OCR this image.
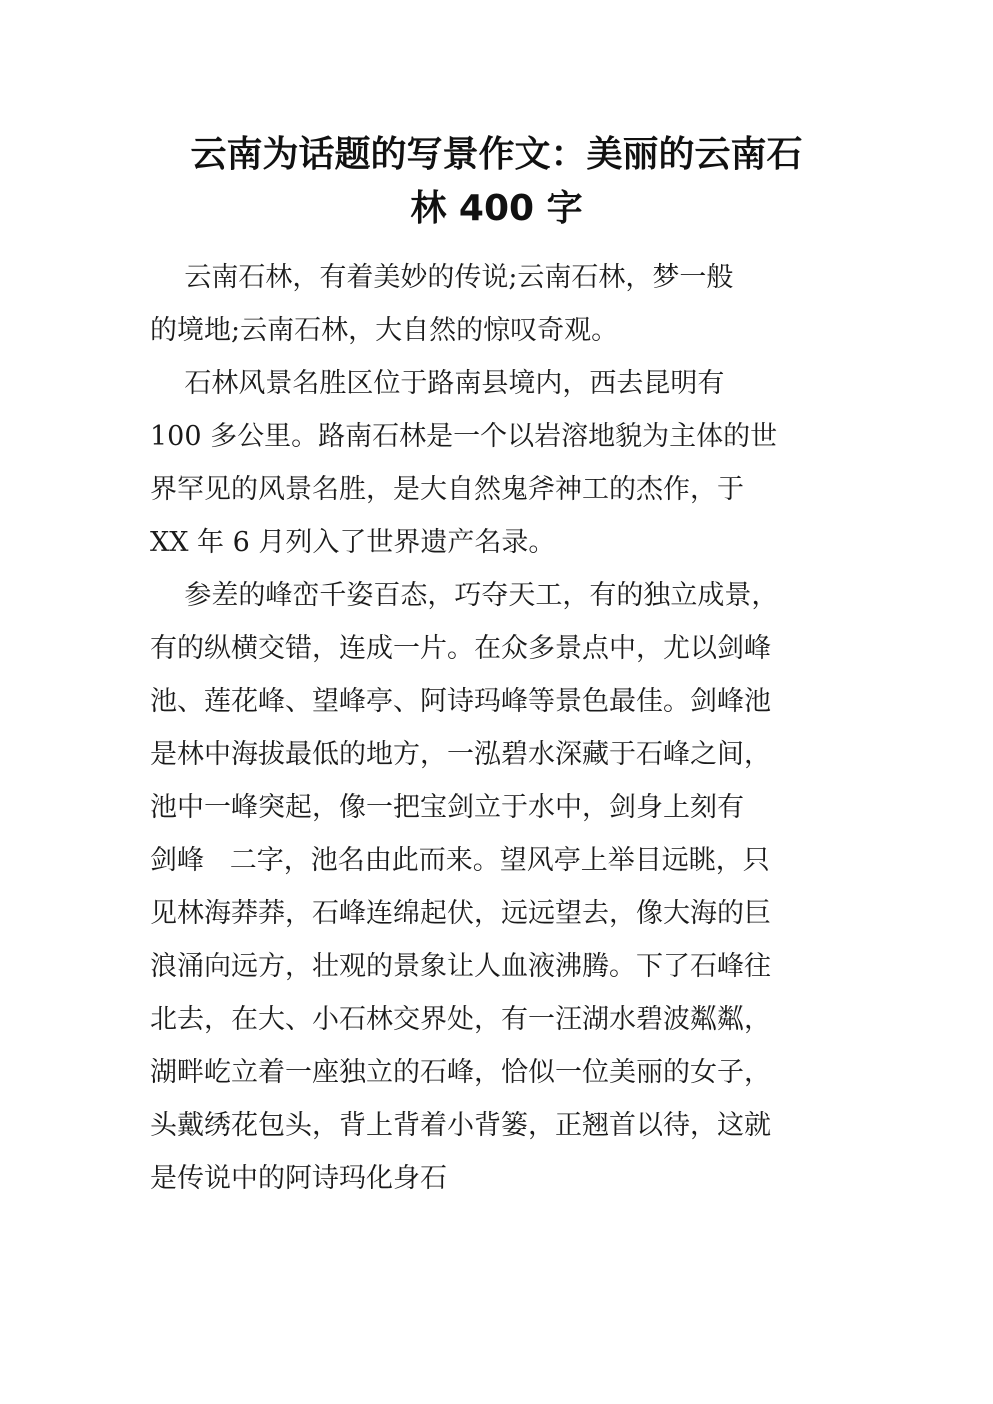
云南为话题的写景作文：美丽的云南石
林 400 字
云南石林，有着美妙的传说;云南石林，梦一般
的境地;云南石林，大自然的惊叹奇观。
石林风景名胜区位于路南县境内，西去昆明有
100 多公里。路南石林是一个以岩溶地貌为主体的世
界罕见的风景名胜，是大自然鬼斧神工的杰作，于
XX 年 6 月列入了世界遗产名录。
参差的峰峦千姿百态，巧夺天工，有的独立成景，
有的纵横交错，连成一片。在众多景点中，尤以剑峰
池、莲花峰、望峰亭、阿诗玛峰等景色最佳。剑峰池
是林中海拔最低的地方，一泓碧水深藏于石峰之间，
池中一峰突起，像一把宝剑立于水中，剑身上刻有
剑峰   二字，池名由此而来。望风亭上举目远眺，只
见林海莽莽，石峰连绵起伏，远远望去，像大海的巨
浪涌向远方，壮观的景象让人血液沸腾。下了石峰往
北去，在大、小石林交界处，有一汪湖水碧波粼粼，
湖畔屹立着一座独立的石峰，恰似一位美丽的女子，
头戴绣花包头，背上背着小背篓，正翘首以待，这就
是传说中的阿诗玛化身石
